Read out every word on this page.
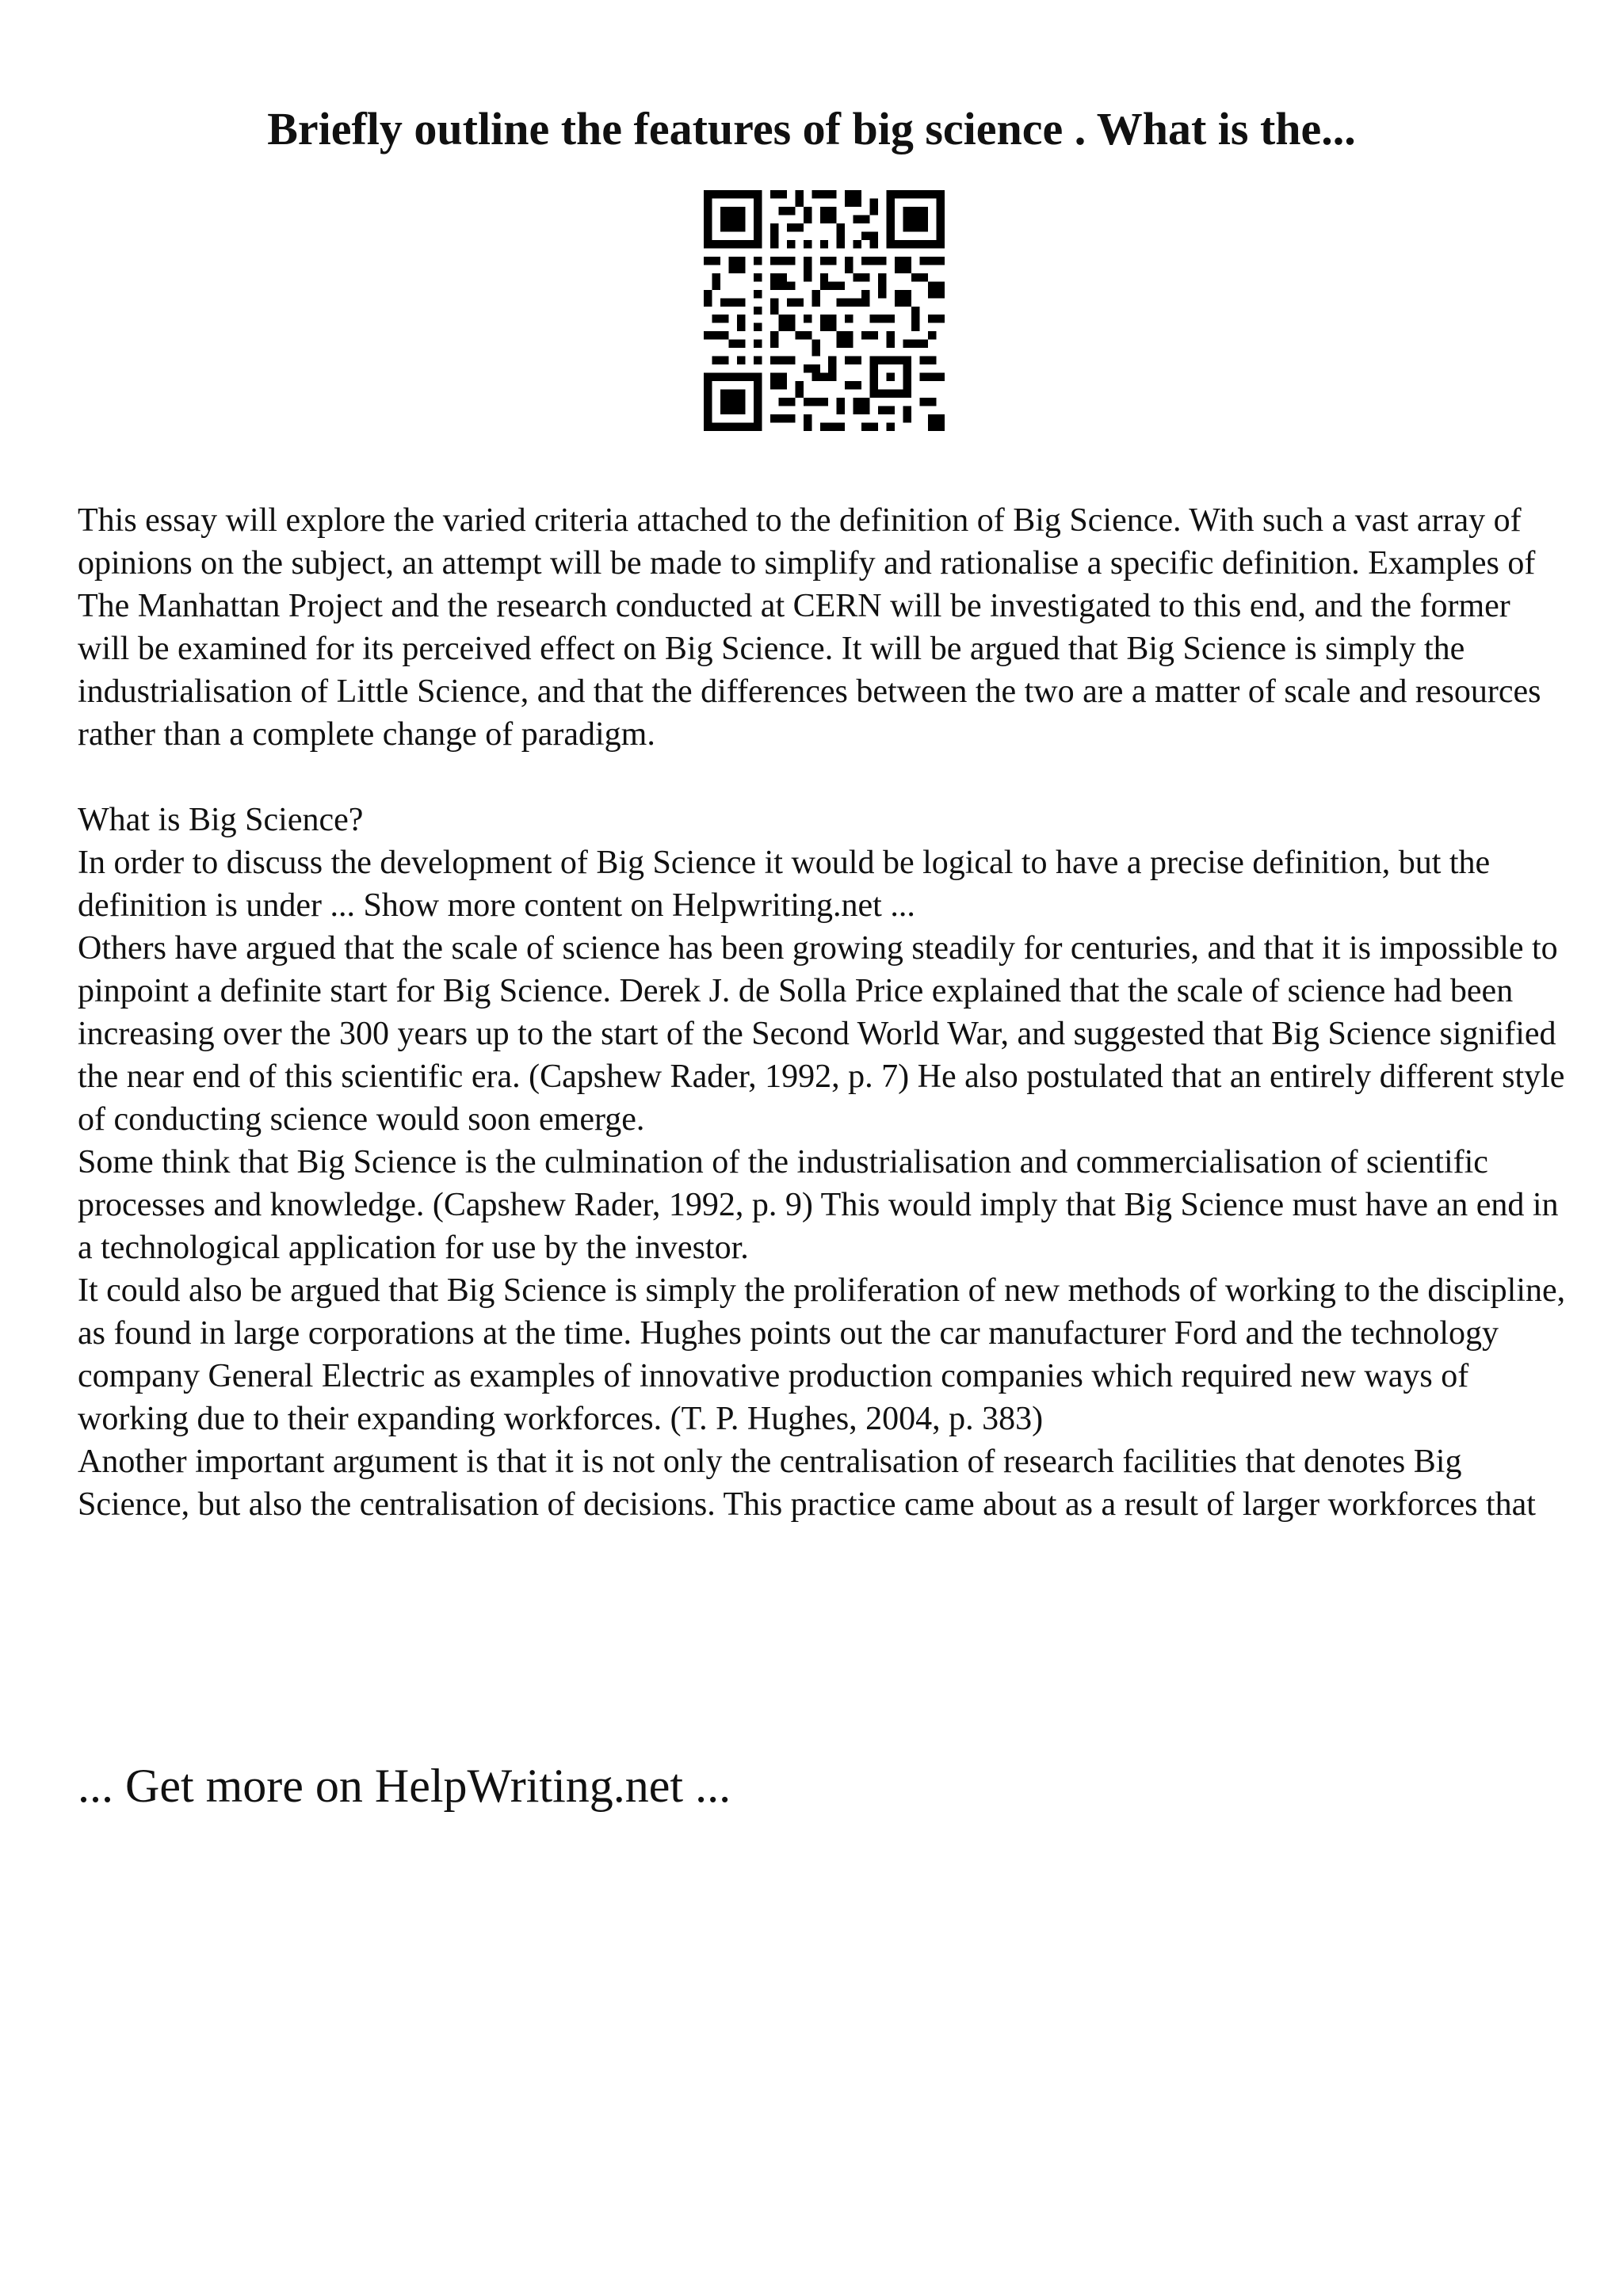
Briefly outline the features of big science . What is the...

This essay will explore the varied criteria attached to the definition of Big Science. With such a vast array of opinions on the subject, an attempt will be made to simplify and rationalise a specific definition. Examples of The Manhattan Project and the research conducted at CERN will be investigated to this end, and the former will be examined for its perceived effect on Big Science. It will be argued that Big Science is simply the industrialisation of Little Science, and that the differences between the two are a matter of scale and resources rather than a complete change of paradigm.

What is Big Science?

In order to discuss the development of Big Science it would be logical to have a precise definition, but the definition is under ... Show more content on Helpwriting.net ...

Others have argued that the scale of science has been growing steadily for centuries, and that it is impossible to pinpoint a definite start for Big Science. Derek J. de Solla Price explained that the scale of science had been increasing over the 300 years up to the start of the Second World War, and suggested that Big Science signified the near end of this scientific era. (Capshew Rader, 1992, p. 7) He also postulated that an entirely different style of conducting science would soon emerge.

Some think that Big Science is the culmination of the industrialisation and commercialisation of scientific processes and knowledge. (Capshew Rader, 1992, p. 9) This would imply that Big Science must have an end in a technological application for use by the investor.

It could also be argued that Big Science is simply the proliferation of new methods of working to the discipline, as found in large corporations at the time. Hughes points out the car manufacturer Ford and the technology company General Electric as examples of innovative production companies which required new ways of working due to their expanding workforces. (T. P. Hughes, 2004, p. 383)

Another important argument is that it is not only the centralisation of research facilities that denotes Big Science, but also the centralisation of decisions. This practice came about as a result of larger workforces that

... Get more on HelpWriting.net ...
